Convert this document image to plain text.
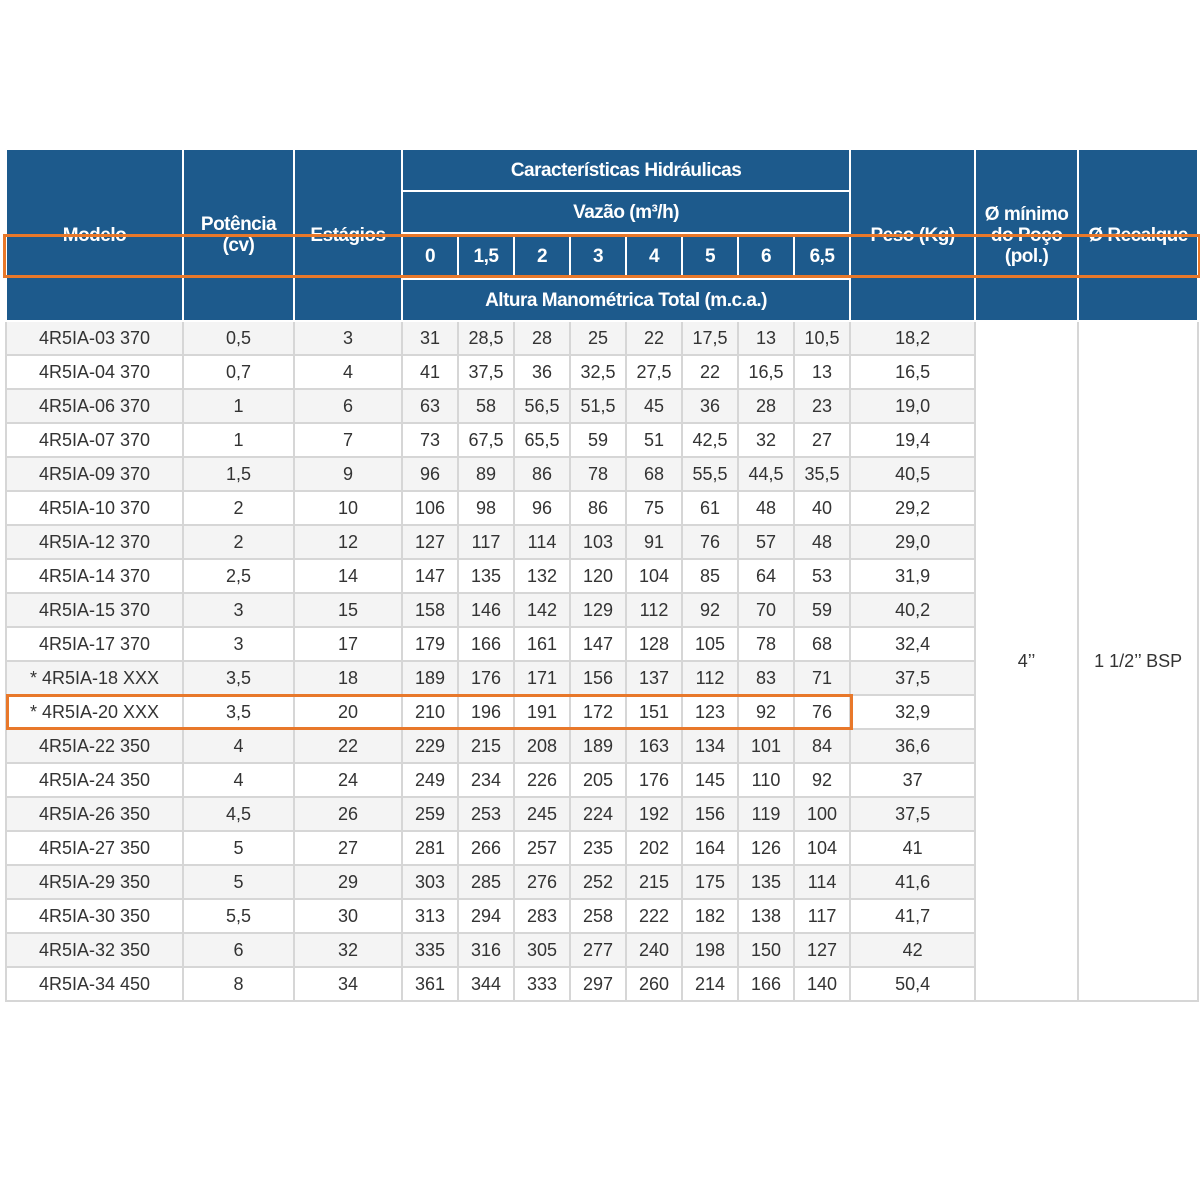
Modelo	Potência (cv)	Estágios	Características Hidráulicas								Peso (Kg)	Ø mínimo do Poço (pol.)	Ø Recalque
			Vazão (m³/h)										
			0	1,5	2	3	4	5	6	6,5			
			Altura Manométrica Total (m.c.a.)										
4R5IA-03 370	0,5	3	31	28,5	28	25	22	17,5	13	10,5	18,2	4’’	1 1/2’’ BSP
4R5IA-04 370	0,7	4	41	37,5	36	32,5	27,5	22	16,5	13	16,5		
4R5IA-06 370	1	6	63	58	56,5	51,5	45	36	28	23	19,0		
4R5IA-07 370	1	7	73	67,5	65,5	59	51	42,5	32	27	19,4		
4R5IA-09 370	1,5	9	96	89	86	78	68	55,5	44,5	35,5	40,5		
4R5IA-10 370	2	10	106	98	96	86	75	61	48	40	29,2		
4R5IA-12 370	2	12	127	117	114	103	91	76	57	48	29,0		
4R5IA-14 370	2,5	14	147	135	132	120	104	85	64	53	31,9		
4R5IA-15 370	3	15	158	146	142	129	112	92	70	59	40,2		
4R5IA-17 370	3	17	179	166	161	147	128	105	78	68	32,4		
* 4R5IA-18 XXX	3,5	18	189	176	171	156	137	112	83	71	37,5		
* 4R5IA-20 XXX	3,5	20	210	196	191	172	151	123	92	76	32,9		
4R5IA-22 350	4	22	229	215	208	189	163	134	101	84	36,6		
4R5IA-24 350	4	24	249	234	226	205	176	145	110	92	37		
4R5IA-26 350	4,5	26	259	253	245	224	192	156	119	100	37,5		
4R5IA-27 350	5	27	281	266	257	235	202	164	126	104	41		
4R5IA-29 350	5	29	303	285	276	252	215	175	135	114	41,6		
4R5IA-30 350	5,5	30	313	294	283	258	222	182	138	117	41,7		
4R5IA-32 350	6	32	335	316	305	277	240	198	150	127	42		
4R5IA-34 450	8	34	361	344	333	297	260	214	166	140	50,4		
